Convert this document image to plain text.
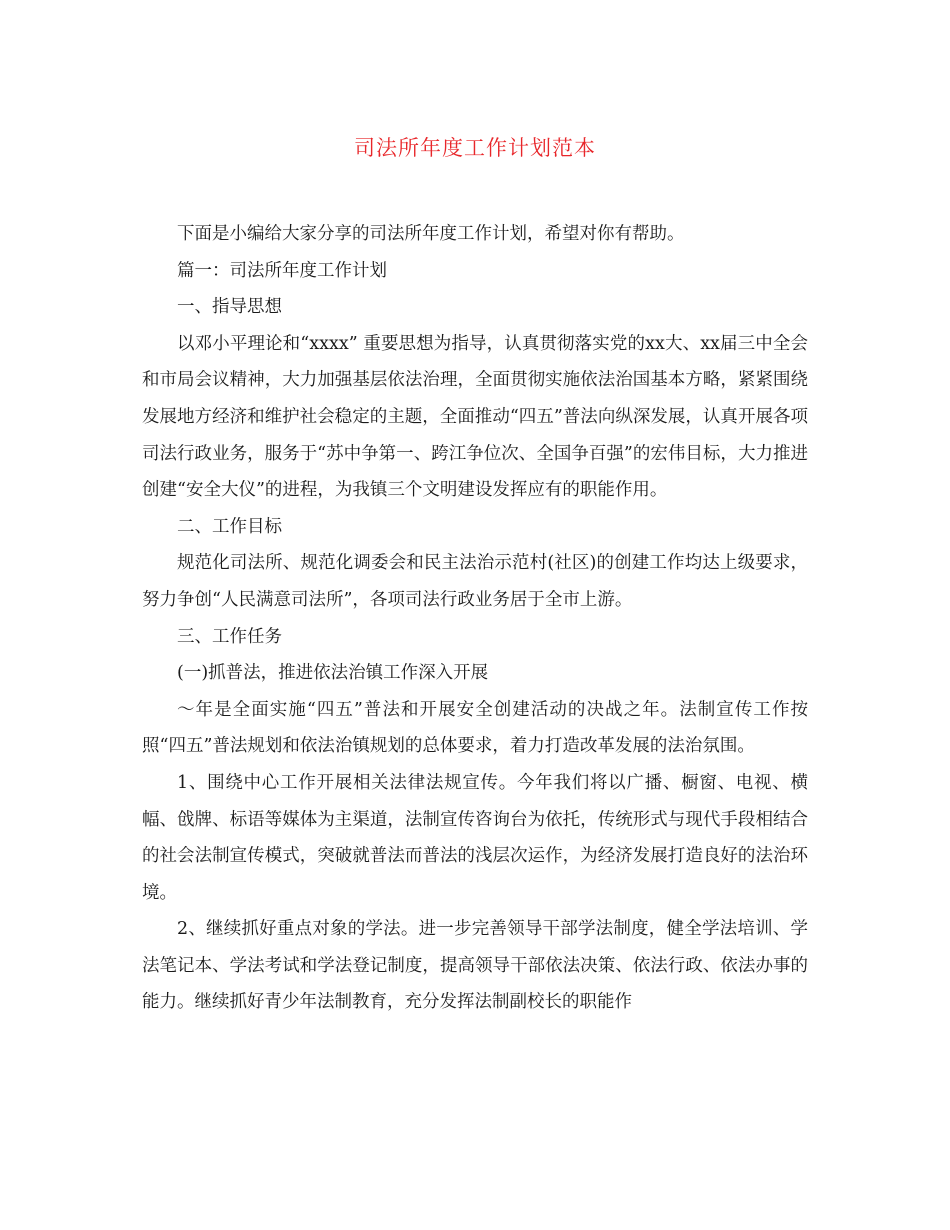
司法所年度工作计划范本

下面是小编给大家分享的司法所年度工作计划，希望对你有帮助。

篇一：司法所年度工作计划

一、指导思想

以邓小平理论和“xxxx” 重要思想为指导，认真贯彻落实党的xx大、xx届三中全会和市局会议精神，大力加强基层依法治理，全面贯彻实施依法治国基本方略，紧紧围绕发展地方经济和维护社会稳定的主题，全面推动“四五”普法向纵深发展，认真开展各项司法行政业务，服务于“苏中争第一、跨江争位次、全国争百强”的宏伟目标，大力推进创建“安全大仪”的进程，为我镇三个文明建设发挥应有的职能作用。

二、工作目标

规范化司法所、规范化调委会和民主法治示范村(社区)的创建工作均达上级要求，努力争创“人民满意司法所”，各项司法行政业务居于全市上游。

三、工作任务

(一)抓普法，推进依法治镇工作深入开展

～年是全面实施“四五”普法和开展安全创建活动的决战之年。法制宣传工作按照“四五”普法规划和依法治镇规划的总体要求，着力打造改革发展的法治氛围。

1、围绕中心工作开展相关法律法规宣传。今年我们将以广播、橱窗、电视、横幅、戗牌、标语等媒体为主渠道，法制宣传咨询台为依托，传统形式与现代手段相结合的社会法制宣传模式，突破就普法而普法的浅层次运作，为经济发展打造良好的法治环境。

2、继续抓好重点对象的学法。进一步完善领导干部学法制度，健全学法培训、学法笔记本、学法考试和学法登记制度，提高领导干部依法决策、依法行政、依法办事的能力。继续抓好青少年法制教育，充分发挥法制副校长的职能作
